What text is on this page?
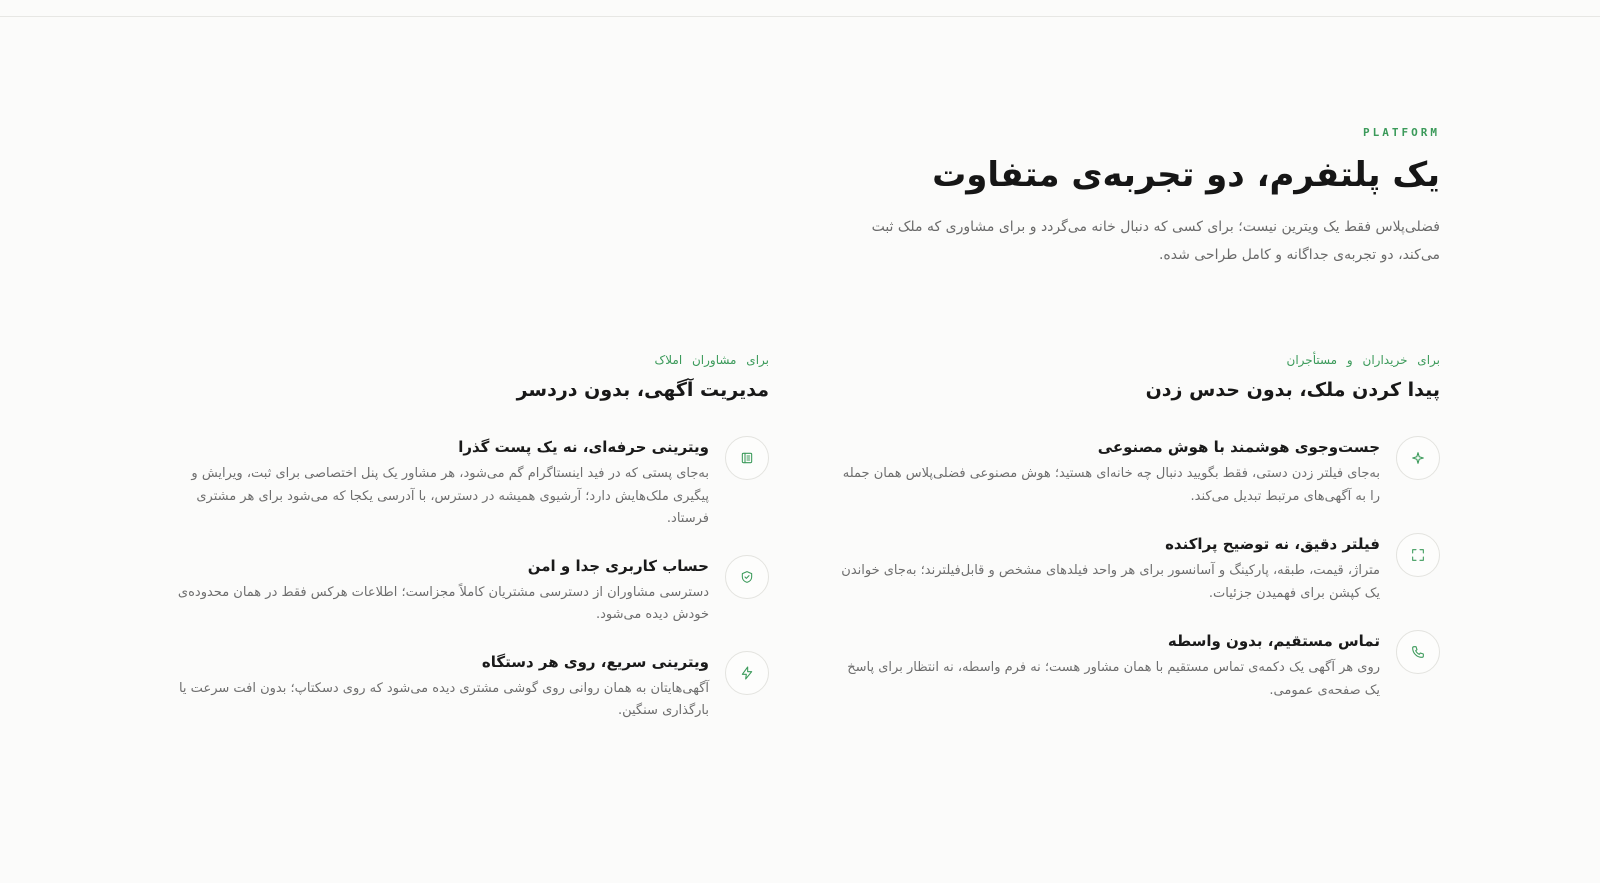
PLATFORM
یک پلتفرم، دو تجربه‌ی متفاوت

فضلی‌پلاس فقط یک ویترین نیست؛ برای کسی که دنبال خانه می‌گردد و برای مشاوری که ملک ثبت می‌کند، دو تجربه‌ی جداگانه و کامل طراحی شده.

برای خریداران و مستأجران
پیدا کردن ملک، بدون حدس زدن
جست‌وجوی هوشمند با هوش مصنوعی

به‌جای فیلتر زدن دستی، فقط بگویید دنبال چه خانه‌ای هستید؛ هوش مصنوعی فضلی‌پلاس همان جمله را به آگهی‌های مرتبط تبدیل می‌کند.

فیلتر دقیق، نه توضیح پراکنده

متراژ، قیمت، طبقه، پارکینگ و آسانسور برای هر واحد فیلدهای مشخص و قابل‌فیلترند؛ به‌جای خواندن یک کپشن برای فهمیدن جزئیات.

تماس مستقیم، بدون واسطه

روی هر آگهی یک دکمه‌ی تماس مستقیم با همان مشاور هست؛ نه فرم واسطه، نه انتظار برای پاسخ یک صفحه‌ی عمومی.

برای مشاوران املاک
مدیریت آگهی، بدون دردسر
ویترینی حرفه‌ای، نه یک پست گذرا

به‌جای پستی که در فید اینستاگرام گم می‌شود، هر مشاور یک پنل اختصاصی برای ثبت، ویرایش و پیگیری ملک‌هایش دارد؛ آرشیوی همیشه در دسترس، با آدرسی یکجا که می‌شود برای هر مشتری فرستاد.

حساب کاربری جدا و امن

دسترسی مشاوران از دسترسی مشتریان کاملاً مجزاست؛ اطلاعات هرکس فقط در همان محدوده‌ی خودش دیده می‌شود.

ویترینی سریع، روی هر دستگاه

آگهی‌هایتان به همان روانی روی گوشی مشتری دیده می‌شود که روی دسکتاپ؛ بدون افت سرعت یا بارگذاری سنگین.
